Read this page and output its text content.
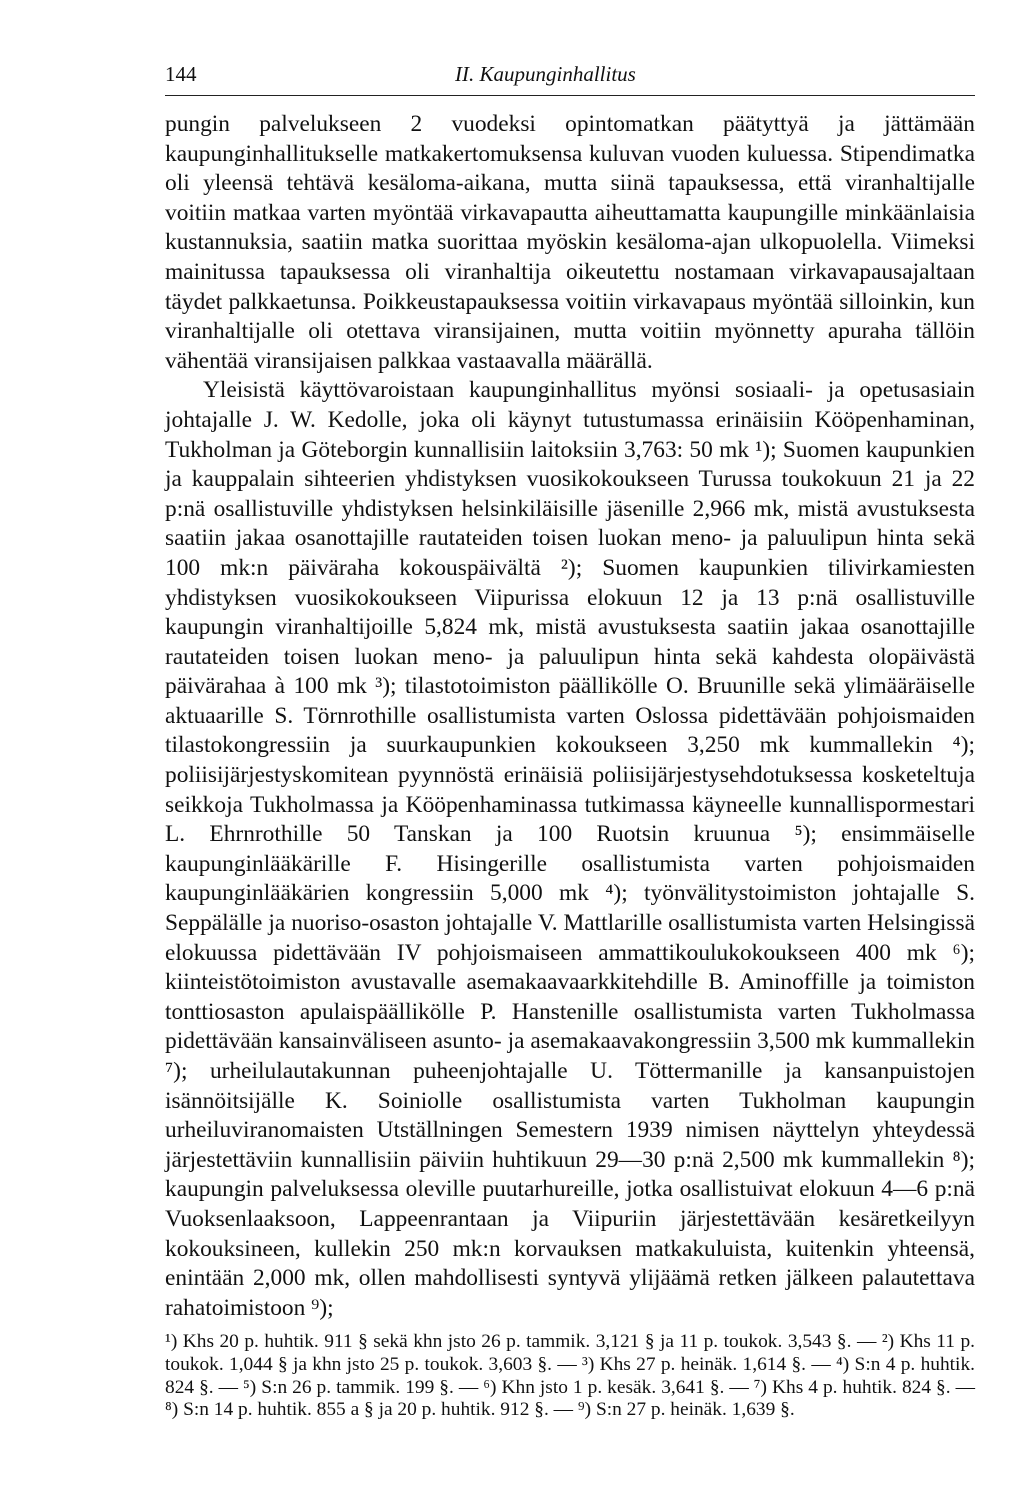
144	II. Kaupunginhallitus

pungin palvelukseen 2 vuodeksi opintomatkan päätyttyä ja jättämään kaupunginhallitukselle matkakertomuksensa kuluvan vuoden kuluessa. Stipendimatka oli yleensä tehtävä kesäloma-aikana, mutta siinä tapauksessa, että viranhaltijalle voitiin matkaa varten myöntää virkavapautta aiheuttamatta kaupungille minkäänlaisia kustannuksia, saatiin matka suorittaa myöskin kesäloma-ajan ulkopuolella. Viimeksi mainitussa tapauksessa oli viranhaltija oikeutettu nostamaan virkavapausajaltaan täydet palkkaetunsa. Poikkeustapauksessa voitiin virkavapaus myöntää silloinkin, kun viranhaltijalle oli otettava viransijainen, mutta voitiin myönnetty apuraha tällöin vähentää viransijaisen palkkaa vastaavalla määrällä.

Yleisistä käyttövaroistaan kaupunginhallitus myönsi sosiaali- ja opetusasiain johtajalle J. W. Kedolle, joka oli käynyt tutustumassa erinäisiin Kööpenhaminan, Tukholman ja Göteborgin kunnallisiin laitoksiin 3,763: 50 mk ¹); Suomen kaupunkien ja kauppalain sihteerien yhdistyksen vuosikokoukseen Turussa toukokuun 21 ja 22 p:nä osallistuville yhdistyksen helsinkiläisille jäsenille 2,966 mk, mistä avustuksesta saatiin jakaa osanottajille rautateiden toisen luokan meno- ja paluulipun hinta sekä 100 mk:n päiväraha kokouspäivältä ²); Suomen kaupunkien tilivirkamiesten yhdistyksen vuosikokoukseen Viipurissa elokuun 12 ja 13 p:nä osallistuville kaupungin viranhaltijoille 5,824 mk, mistä avustuksesta saatiin jakaa osanottajille rautateiden toisen luokan meno- ja paluulipun hinta sekä kahdesta olopäivästä päivärahaa à 100 mk ³); tilastotoimiston päällikölle O. Bruunille sekä ylimääräiselle aktuaarille S. Törnrothille osallistumista varten Oslossa pidettävään pohjoismaiden tilastokongressiin ja suurkaupunkien kokoukseen 3,250 mk kummallekin ⁴); poliisijärjestyskomitean pyynnöstä erinäisiä poliisijärjestysehdotuksessa kosketeltuja seikkoja Tukholmassa ja Kööpenhaminassa tutkimassa käyneelle kunnallispormestari L. Ehrnrothille 50 Tanskan ja 100 Ruotsin kruunua ⁵); ensimmäiselle kaupunginlääkärille F. Hisingerille osallistumista varten pohjoismaiden kaupunginlääkärien kongressiin 5,000 mk ⁴); työnvälitystoimiston johtajalle S. Seppälälle ja nuoriso-osaston johtajalle V. Mattlarille osallistumista varten Helsingissä elokuussa pidettävään IV pohjoismaiseen ammattikoulukokoukseen 400 mk ⁶); kiinteistötoimiston avustavalle asemakaavaarkkitehdille B. Aminoffille ja toimiston tonttiosaston apulaispäällikölle P. Hanstenille osallistumista varten Tukholmassa pidettävään kansainväliseen asunto- ja asemakaavakongressiin 3,500 mk kummallekin ⁷); urheilulautakunnan puheenjohtajalle U. Töttermanille ja kansanpuistojen isännöitsijälle K. Soiniolle osallistumista varten Tukholman kaupungin urheiluviranomaisten Utställningen Semestern 1939 nimisen näyttelyn yhteydessä järjestettäviin kunnallisiin päiviin huhtikuun 29—30 p:nä 2,500 mk kummallekin ⁸); kaupungin palveluksessa oleville puutarhureille, jotka osallistuivat elokuun 4—6 p:nä Vuoksenlaaksoon, Lappeenrantaan ja Viipuriin järjestettävään kesäretkeilyyn kokouksineen, kullekin 250 mk:n korvauksen matkakuluista, kuitenkin yhteensä, enintään 2,000 mk, ollen mahdollisesti syntyvä ylijäämä retken jälkeen palautettava rahatoimistoon ⁹);

¹) Khs 20 p. huhtik. 911 § sekä khn jsto 26 p. tammik. 3,121 § ja 11 p. toukok. 3,543 §. — ²) Khs 11 p. toukok. 1,044 § ja khn jsto 25 p. toukok. 3,603 §. — ³) Khs 27 p. heinäk. 1,614 §. — ⁴) S:n 4 p. huhtik. 824 §. — ⁵) S:n 26 p. tammik. 199 §. — ⁶) Khn jsto 1 p. kesäk. 3,641 §. — ⁷) Khs 4 p. huhtik. 824 §. — ⁸) S:n 14 p. huhtik. 855 a § ja 20 p. huhtik. 912 §. — ⁹) S:n 27 p. heinäk. 1,639 §.
